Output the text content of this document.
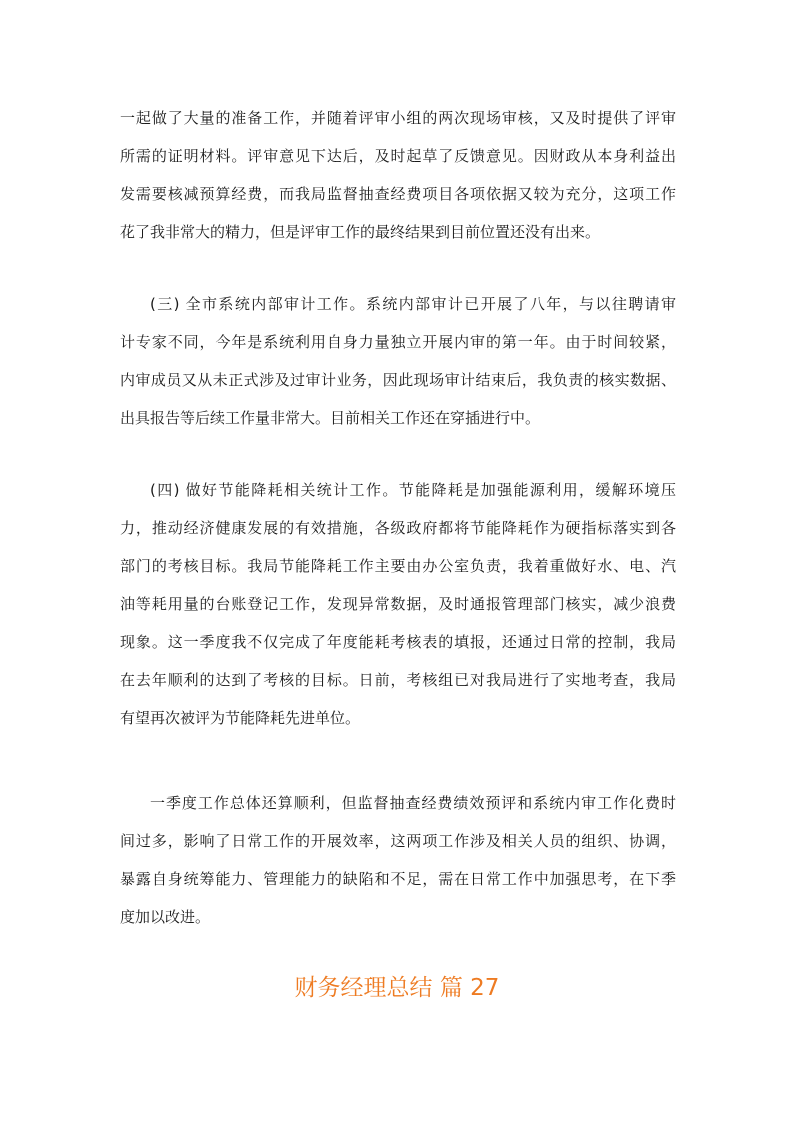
一起做了大量的准备工作，并随着评审小组的两次现场审核，又及时提供了评审
所需的证明材料。评审意见下达后，及时起草了反馈意见。因财政从本身利益出
发需要核减预算经费，而我局监督抽查经费项目各项依据又较为充分，这项工作
花了我非常大的精力，但是评审工作的最终结果到目前位置还没有出来。

(三) 全市系统内部审计工作。系统内部审计已开展了八年，与以往聘请审
计专家不同，今年是系统利用自身力量独立开展内审的第一年。由于时间较紧，
内审成员又从未正式涉及过审计业务，因此现场审计结束后，我负责的核实数据、
出具报告等后续工作量非常大。目前相关工作还在穿插进行中。

(四) 做好节能降耗相关统计工作。节能降耗是加强能源利用，缓解环境压
力，推动经济健康发展的有效措施，各级政府都将节能降耗作为硬指标落实到各
部门的考核目标。我局节能降耗工作主要由办公室负责，我着重做好水、电、汽
油等耗用量的台账登记工作，发现异常数据，及时通报管理部门核实，减少浪费
现象。这一季度我不仅完成了年度能耗考核表的填报，还通过日常的控制，我局
在去年顺利的达到了考核的目标。日前，考核组已对我局进行了实地考查，我局
有望再次被评为节能降耗先进单位。

一季度工作总体还算顺利，但监督抽查经费绩效预评和系统内审工作化费时
间过多，影响了日常工作的开展效率，这两项工作涉及相关人员的组织、协调，
暴露自身统筹能力、管理能力的缺陷和不足，需在日常工作中加强思考，在下季
度加以改进。

财务经理总结 篇 27
